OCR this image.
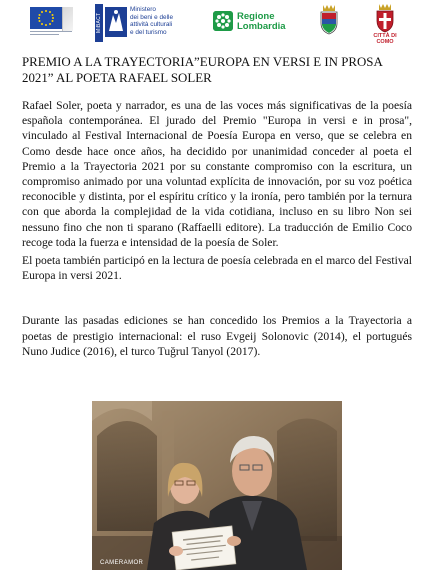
MiBACT
Ministero
dei beni e delle
attività culturali
e del turismo
Regione
Lombardia
CITTÀ DI
COMO
PREMIO A LA TRAYECTORIA”EUROPA EN VERSI E IN PROSA 2021” AL POETA RAFAEL SOLER

Rafael Soler, poeta y narrador, es una de las voces más significativas de la poesía española contemporánea. El jurado del Premio "Europa in versi e in prosa", vinculado al Festival Internacional de Poesía Europa en verso, que se celebra en Como desde hace once años, ha decidido por unanimidad conceder al poeta el Premio a la Trayectoria 2021 por su constante compromiso con la escritura, un compromiso animado por una voluntad explícita de innovación, por su voz poética reconocible y distinta, por el espíritu crítico y la ironía, pero también por la ternura con que aborda la complejidad de la vida cotidiana, incluso en su libro Non sei nessuno fino che non ti sparano (Raffaelli editore). La traducción de Emilio Coco recoge toda la fuerza e intensidad de la poesía de Soler.

El poeta también participó en la lectura de poesía celebrada en el marco del Festival Europa in versi 2021.

Durante las pasadas ediciones se han concedido los Premios a la Trayectoria a poetas de prestigio internacional: el ruso Evgeij Solonovic (2014), el portugués Nuno Judice (2016), el turco Tuğrul Tanyol (2017).

CAMERAMOR
